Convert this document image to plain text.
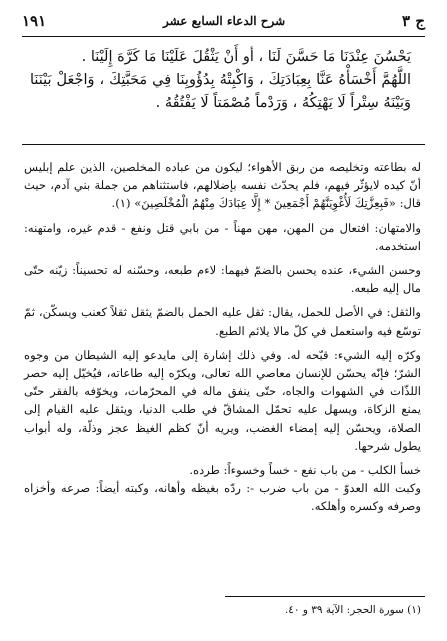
ج ٣
شرح الدعاء السابع عشر
١٩١

يَحْسُنَ عِنْدَنَا مَا حَسَّنَ لَنَا ، أو أَنْ يَثْقُلَ عَلَيْنَا مَا كَرَّهَ إِلَيْنَا .

اللَّهُمَّ أَخْسَأْهُ عَنَّا بِعِبَادَتِكَ ، وَاكْبِتْهُ بِدُؤُوبِنَا فِي مَحَبَّتِكَ ، وَاجْعَلْ بَيْنَنَا وَبَيْنَهُ سِتْراً لَا يَهْتِكُهُ ، وَرَدْماً مُصْمَتاً لَا يَفْتُقُهُ .

له بطاعته وتخليصه من ربق الأهواء؛ ليكون من عباده المخلصين، الذين علم إبليس أنّ كيده لايؤثّر فيهم، فلم يحدّث نفسه بإضلالهم، فاستثناهم من جملة بني آدم، حيث قال: «فَبِعِزَّتِكَ لَأُغْوِيَنَّهُمْ أَجْمَعِينَ * إِلَّا عِبَادَكَ مِنْهُمُ الْمُخْلَصِينَ» (١).

والامتهان: افتعال من المهن، مهن مهناً - من بابي قتل ونفع - قدم غيره، وامتهنه: استخدمه.

وحسن الشيء، عنده يحسن بالضمّ فيهما: لاءم طبعه، وحسّنه له تحسيناً: زيّنه حتّى مال إليه طبعه.

والثقل: في الأصل للحمل، يقال: ثقل عليه الحمل بالضمّ يثقل ثقلاً كعنب ويسكّن، ثمّ توسّع فيه واستعمل في كلّ مالا يلائم الطبع.

وكرّه إليه الشيء: قبّحه له. وفي ذلك إشارة إلى مايدعو إليه الشيطان من وجوه الشرّ؛ فإنّه يحسّن للإنسان معاصي الله تعالى، ويكرّه إليه طاعاته، فيُخيّل إليه حصر اللذّات في الشهوات والجاه، حتّى ينفق ماله في المحرّمات، ويخوّفه بالفقر حتّى يمنع الزكاة، ويسهل عليه تحمّل المشاقّ في طلب الدنيا، ويثقل عليه القيام إلى الصلاة، ويحسّن إليه إمضاء الغضب، ويريه أنّ كظم الغيظ عجز وذلّة، وله أبواب يطول شرحها.

خسأ الكلب - من باب نفع - خساً وخسوءاً: طرده.

وكبت الله العدوّ - من باب ضرب -: ردّه بغيظه وأهانه، وكبته أيضاً: صرعه وأخزاه وصرفه وكسره وأهلكه.

(١) سورة الحجر: الآية ٣٩ و ٤٠.
